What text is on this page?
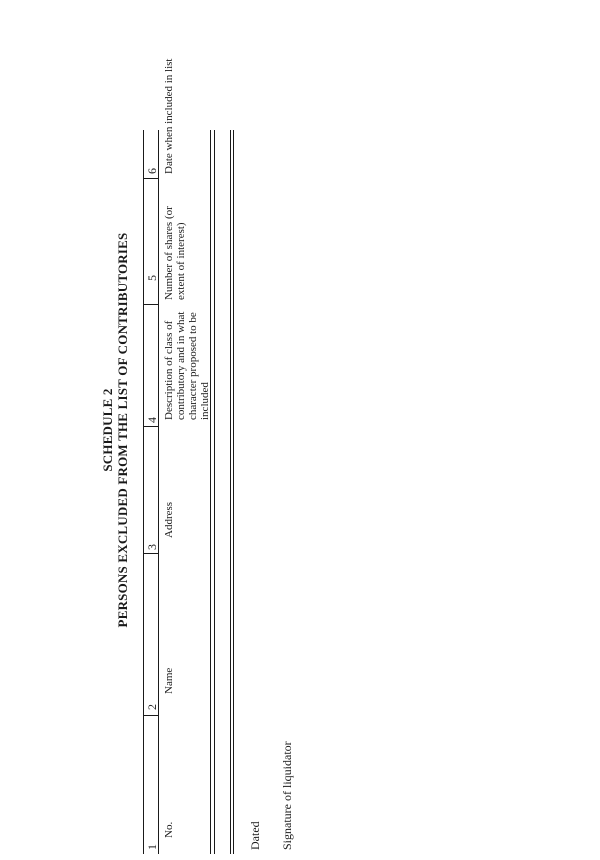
SCHEDULE 2 PERSONS EXCLUDED FROM THE LIST OF CONTRIBUTORIES
1
2
3
4
5
6
No.
Name
Address
Description of class of contributory and in what character proposed to be included
Number of shares (or extent of interest)
Date when included in list
Dated Signature of liquidator
